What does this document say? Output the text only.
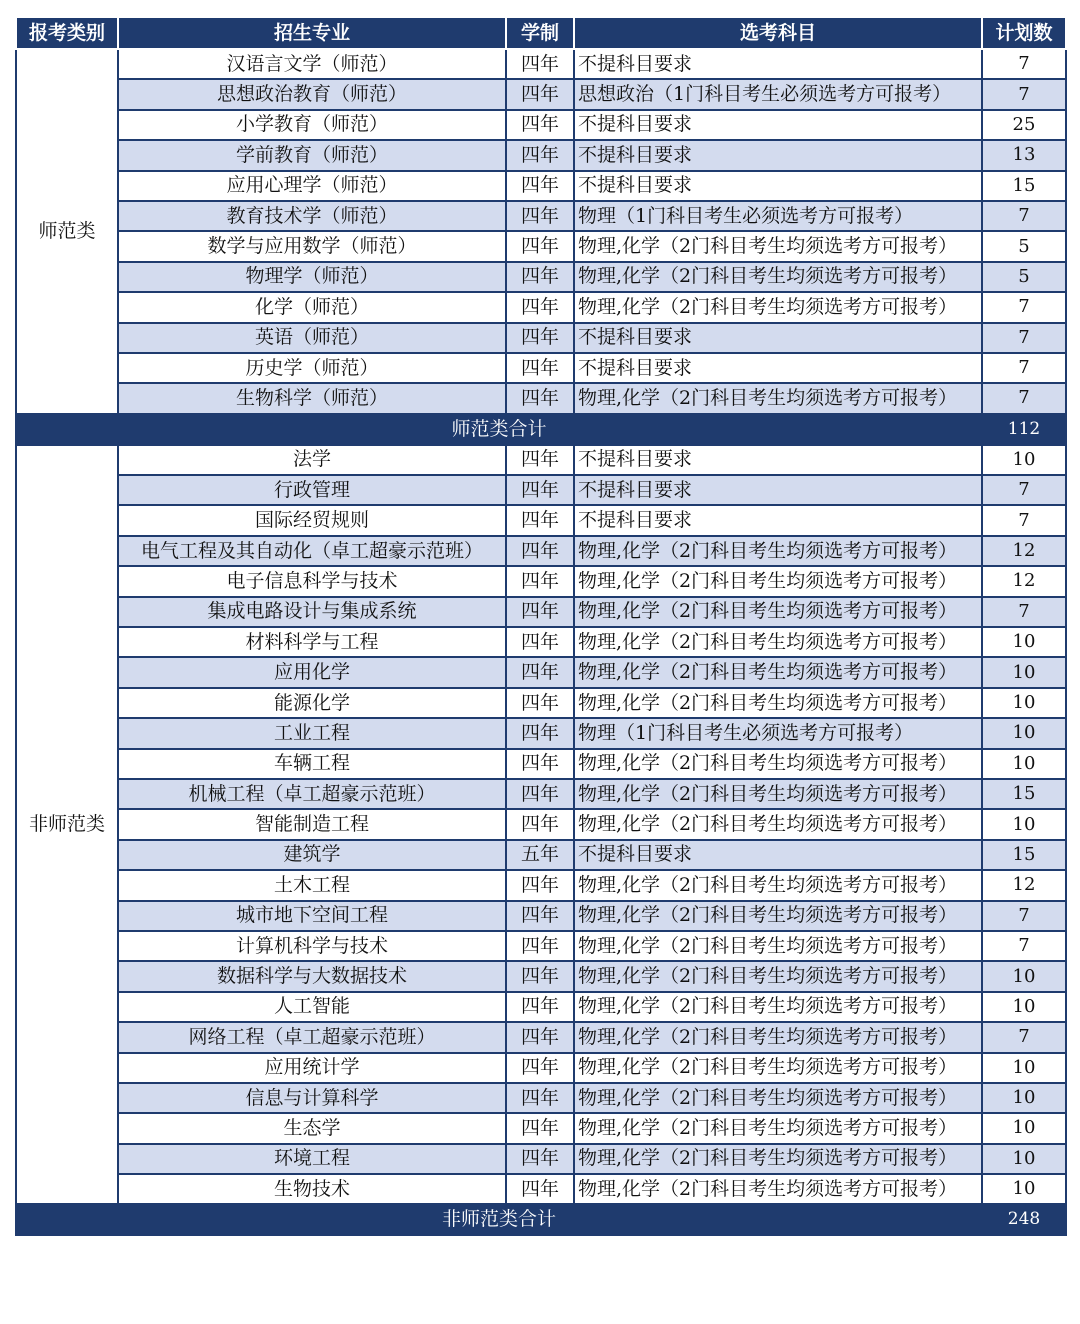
报考类别	招生专业	学制	选考科目	计划数
师范类	汉语言文学（师范）	四年	不提科目要求	7
	思想政治教育（师范）	四年	思想政治（1门科目考生必须选考方可报考）	7
	小学教育（师范）	四年	不提科目要求	25
	学前教育（师范）	四年	不提科目要求	13
	应用心理学（师范）	四年	不提科目要求	15
	教育技术学（师范）	四年	物理（1门科目考生必须选考方可报考）	7
	数学与应用数学（师范）	四年	物理,化学（2门科目考生均须选考方可报考）	5
	物理学（师范）	四年	物理,化学（2门科目考生均须选考方可报考）	5
	化学（师范）	四年	物理,化学（2门科目考生均须选考方可报考）	7
	英语（师范）	四年	不提科目要求	7
	历史学（师范）	四年	不提科目要求	7
	生物科学（师范）	四年	物理,化学（2门科目考生均须选考方可报考）	7
师范类合计				112
非师范类	法学	四年	不提科目要求	10
	行政管理	四年	不提科目要求	7
	国际经贸规则	四年	不提科目要求	7
	电气工程及其自动化（卓工超豪示范班）	四年	物理,化学（2门科目考生均须选考方可报考）	12
	电子信息科学与技术	四年	物理,化学（2门科目考生均须选考方可报考）	12
	集成电路设计与集成系统	四年	物理,化学（2门科目考生均须选考方可报考）	7
	材料科学与工程	四年	物理,化学（2门科目考生均须选考方可报考）	10
	应用化学	四年	物理,化学（2门科目考生均须选考方可报考）	10
	能源化学	四年	物理,化学（2门科目考生均须选考方可报考）	10
	工业工程	四年	物理（1门科目考生必须选考方可报考）	10
	车辆工程	四年	物理,化学（2门科目考生均须选考方可报考）	10
	机械工程（卓工超豪示范班）	四年	物理,化学（2门科目考生均须选考方可报考）	15
	智能制造工程	四年	物理,化学（2门科目考生均须选考方可报考）	10
	建筑学	五年	不提科目要求	15
	土木工程	四年	物理,化学（2门科目考生均须选考方可报考）	12
	城市地下空间工程	四年	物理,化学（2门科目考生均须选考方可报考）	7
	计算机科学与技术	四年	物理,化学（2门科目考生均须选考方可报考）	7
	数据科学与大数据技术	四年	物理,化学（2门科目考生均须选考方可报考）	10
	人工智能	四年	物理,化学（2门科目考生均须选考方可报考）	10
	网络工程（卓工超豪示范班）	四年	物理,化学（2门科目考生均须选考方可报考）	7
	应用统计学	四年	物理,化学（2门科目考生均须选考方可报考）	10
	信息与计算科学	四年	物理,化学（2门科目考生均须选考方可报考）	10
	生态学	四年	物理,化学（2门科目考生均须选考方可报考）	10
	环境工程	四年	物理,化学（2门科目考生均须选考方可报考）	10
	生物技术	四年	物理,化学（2门科目考生均须选考方可报考）	10
非师范类合计				248
